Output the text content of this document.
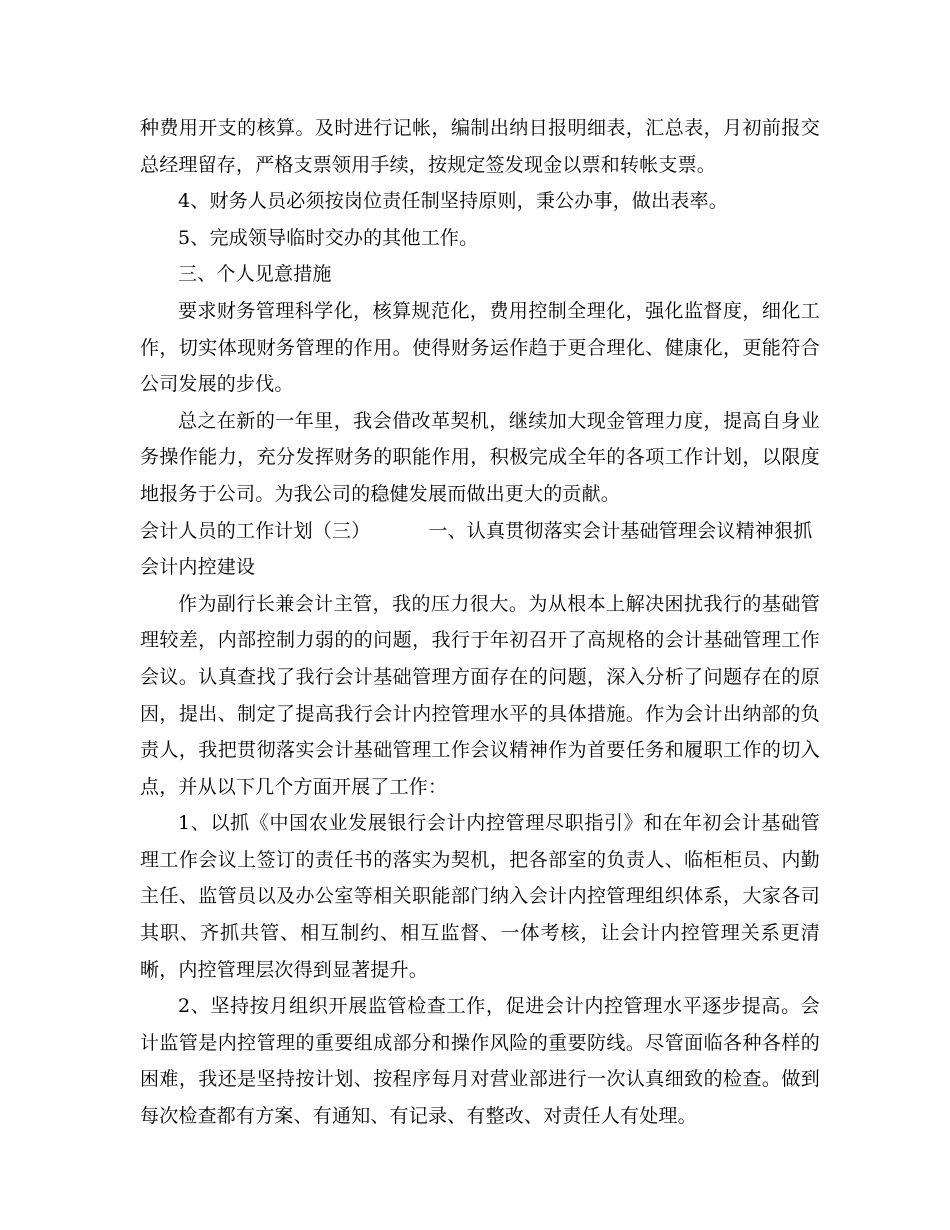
种费用开支的核算。及时进行记帐，编制出纳日报明细表，汇总表，月初前报交总经理留存，严格支票领用手续，按规定签发现金以票和转帐支票。

4、财务人员必须按岗位责任制坚持原则，秉公办事，做出表率。

5、完成领导临时交办的其他工作。

三、个人见意措施

要求财务管理科学化，核算规范化，费用控制全理化，强化监督度，细化工作，切实体现财务管理的作用。使得财务运作趋于更合理化、健康化，更能符合公司发展的步伐。

总之在新的一年里，我会借改革契机，继续加大现金管理力度，提高自身业务操作能力，充分发挥财务的职能作用，积极完成全年的各项工作计划，以限度地报务于公司。为我公司的稳健发展而做出更大的贡献。

会计人员的工作计划（三）	一、认真贯彻落实会计基础管理会议精神狠抓会计内控建设

作为副行长兼会计主管，我的压力很大。为从根本上解决困扰我行的基础管理较差，内部控制力弱的的问题，我行于年初召开了高规格的会计基础管理工作会议。认真查找了我行会计基础管理方面存在的问题，深入分析了问题存在的原因，提出、制定了提高我行会计内控管理水平的具体措施。作为会计出纳部的负责人，我把贯彻落实会计基础管理工作会议精神作为首要任务和履职工作的切入点，并从以下几个方面开展了工作：

1、以抓《中国农业发展银行会计内控管理尽职指引》和在年初会计基础管理工作会议上签订的责任书的落实为契机，把各部室的负责人、临柜柜员、内勤主任、监管员以及办公室等相关职能部门纳入会计内控管理组织体系，大家各司其职、齐抓共管、相互制约、相互监督、一体考核，让会计内控管理关系更清晰，内控管理层次得到显著提升。

2、坚持按月组织开展监管检查工作，促进会计内控管理水平逐步提高。会计监管是内控管理的重要组成部分和操作风险的重要防线。尽管面临各种各样的困难，我还是坚持按计划、按程序每月对营业部进行一次认真细致的检查。做到每次检查都有方案、有通知、有记录、有整改、对责任人有处理。
